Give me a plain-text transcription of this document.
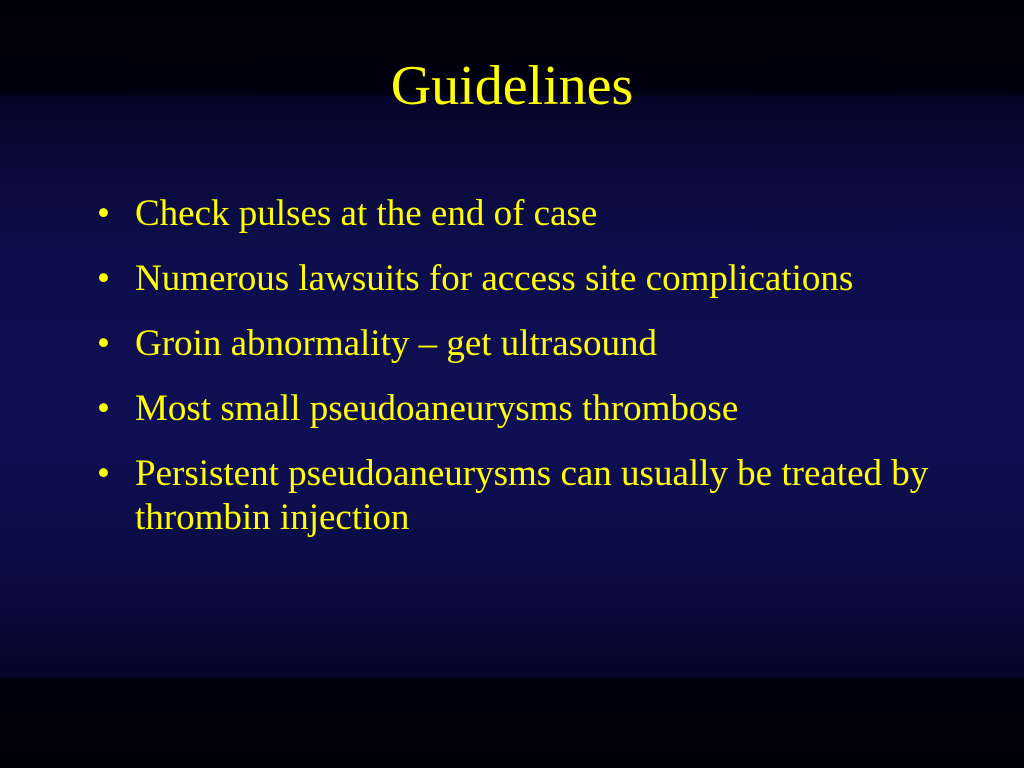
Guidelines
• Check pulses at the end of case
• Numerous lawsuits for access site complications
• Groin abnormality – get ultrasound
• Most small pseudoaneurysms thrombose
• Persistent pseudoaneurysms can usually be treated by thrombin injection
